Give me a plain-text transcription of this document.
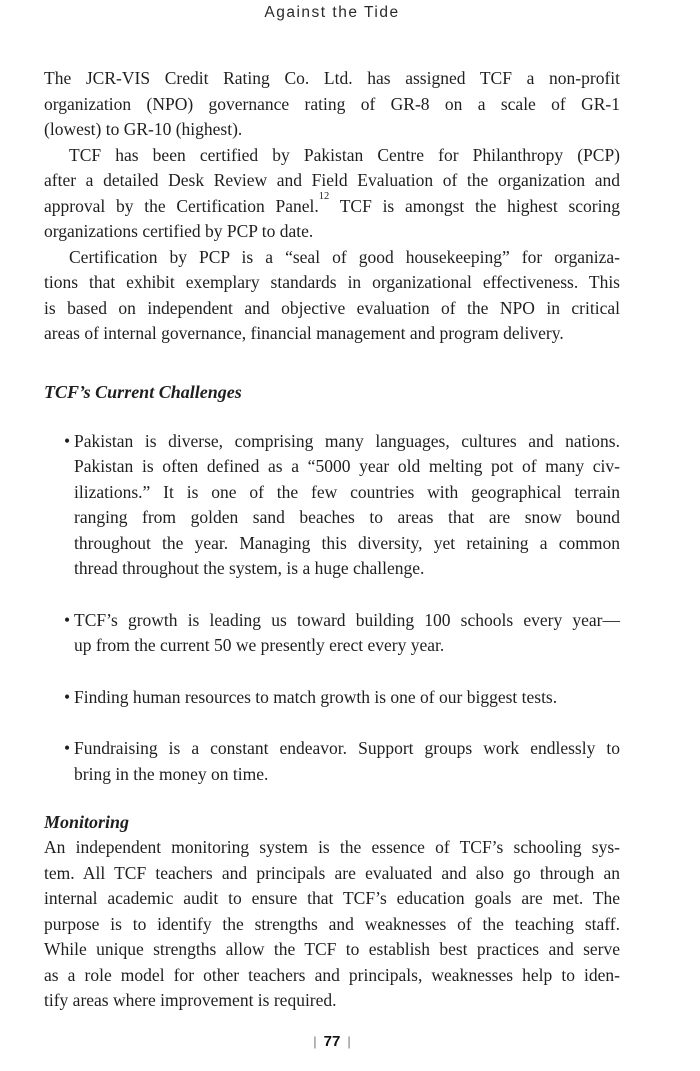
Against the Tide
The JCR-VIS Credit Rating Co. Ltd. has assigned TCF a non-profit
organization (NPO) governance rating of GR-8 on a scale of GR-1
(lowest) to GR-10 (highest).
TCF has been certified by Pakistan Centre for Philanthropy (PCP)
after a detailed Desk Review and Field Evaluation of the organization and
approval by the Certification Panel.$^{12}$ TCF is amongst the highest scoring
organizations certified by PCP to date.
Certification by PCP is a “seal of good housekeeping” for organiza-
tions that exhibit exemplary standards in organizational effectiveness. This
is based on independent and objective evaluation of the NPO in critical
areas of internal governance, financial management and program delivery.
TCF’s Current Challenges
• Pakistan is diverse, comprising many languages, cultures and nations.
Pakistan is often defined as a “5000 year old melting pot of many civ-
ilizations.” It is one of the few countries with geographical terrain
ranging from golden sand beaches to areas that are snow bound
throughout the year. Managing this diversity, yet retaining a common
thread throughout the system, is a huge challenge.
• TCF’s growth is leading us toward building 100 schools every year—
up from the current 50 we presently erect every year.
• Finding human resources to match growth is one of our biggest tests.
• Fundraising is a constant endeavor. Support groups work endlessly to
bring in the money on time.
Monitoring
An independent monitoring system is the essence of TCF’s schooling sys-
tem. All TCF teachers and principals are evaluated and also go through an
internal academic audit to ensure that TCF’s education goals are met. The
purpose is to identify the strengths and weaknesses of the teaching staff.
While unique strengths allow the TCF to establish best practices and serve
as a role model for other teachers and principals, weaknesses help to iden-
tify areas where improvement is required.
| 77 |
